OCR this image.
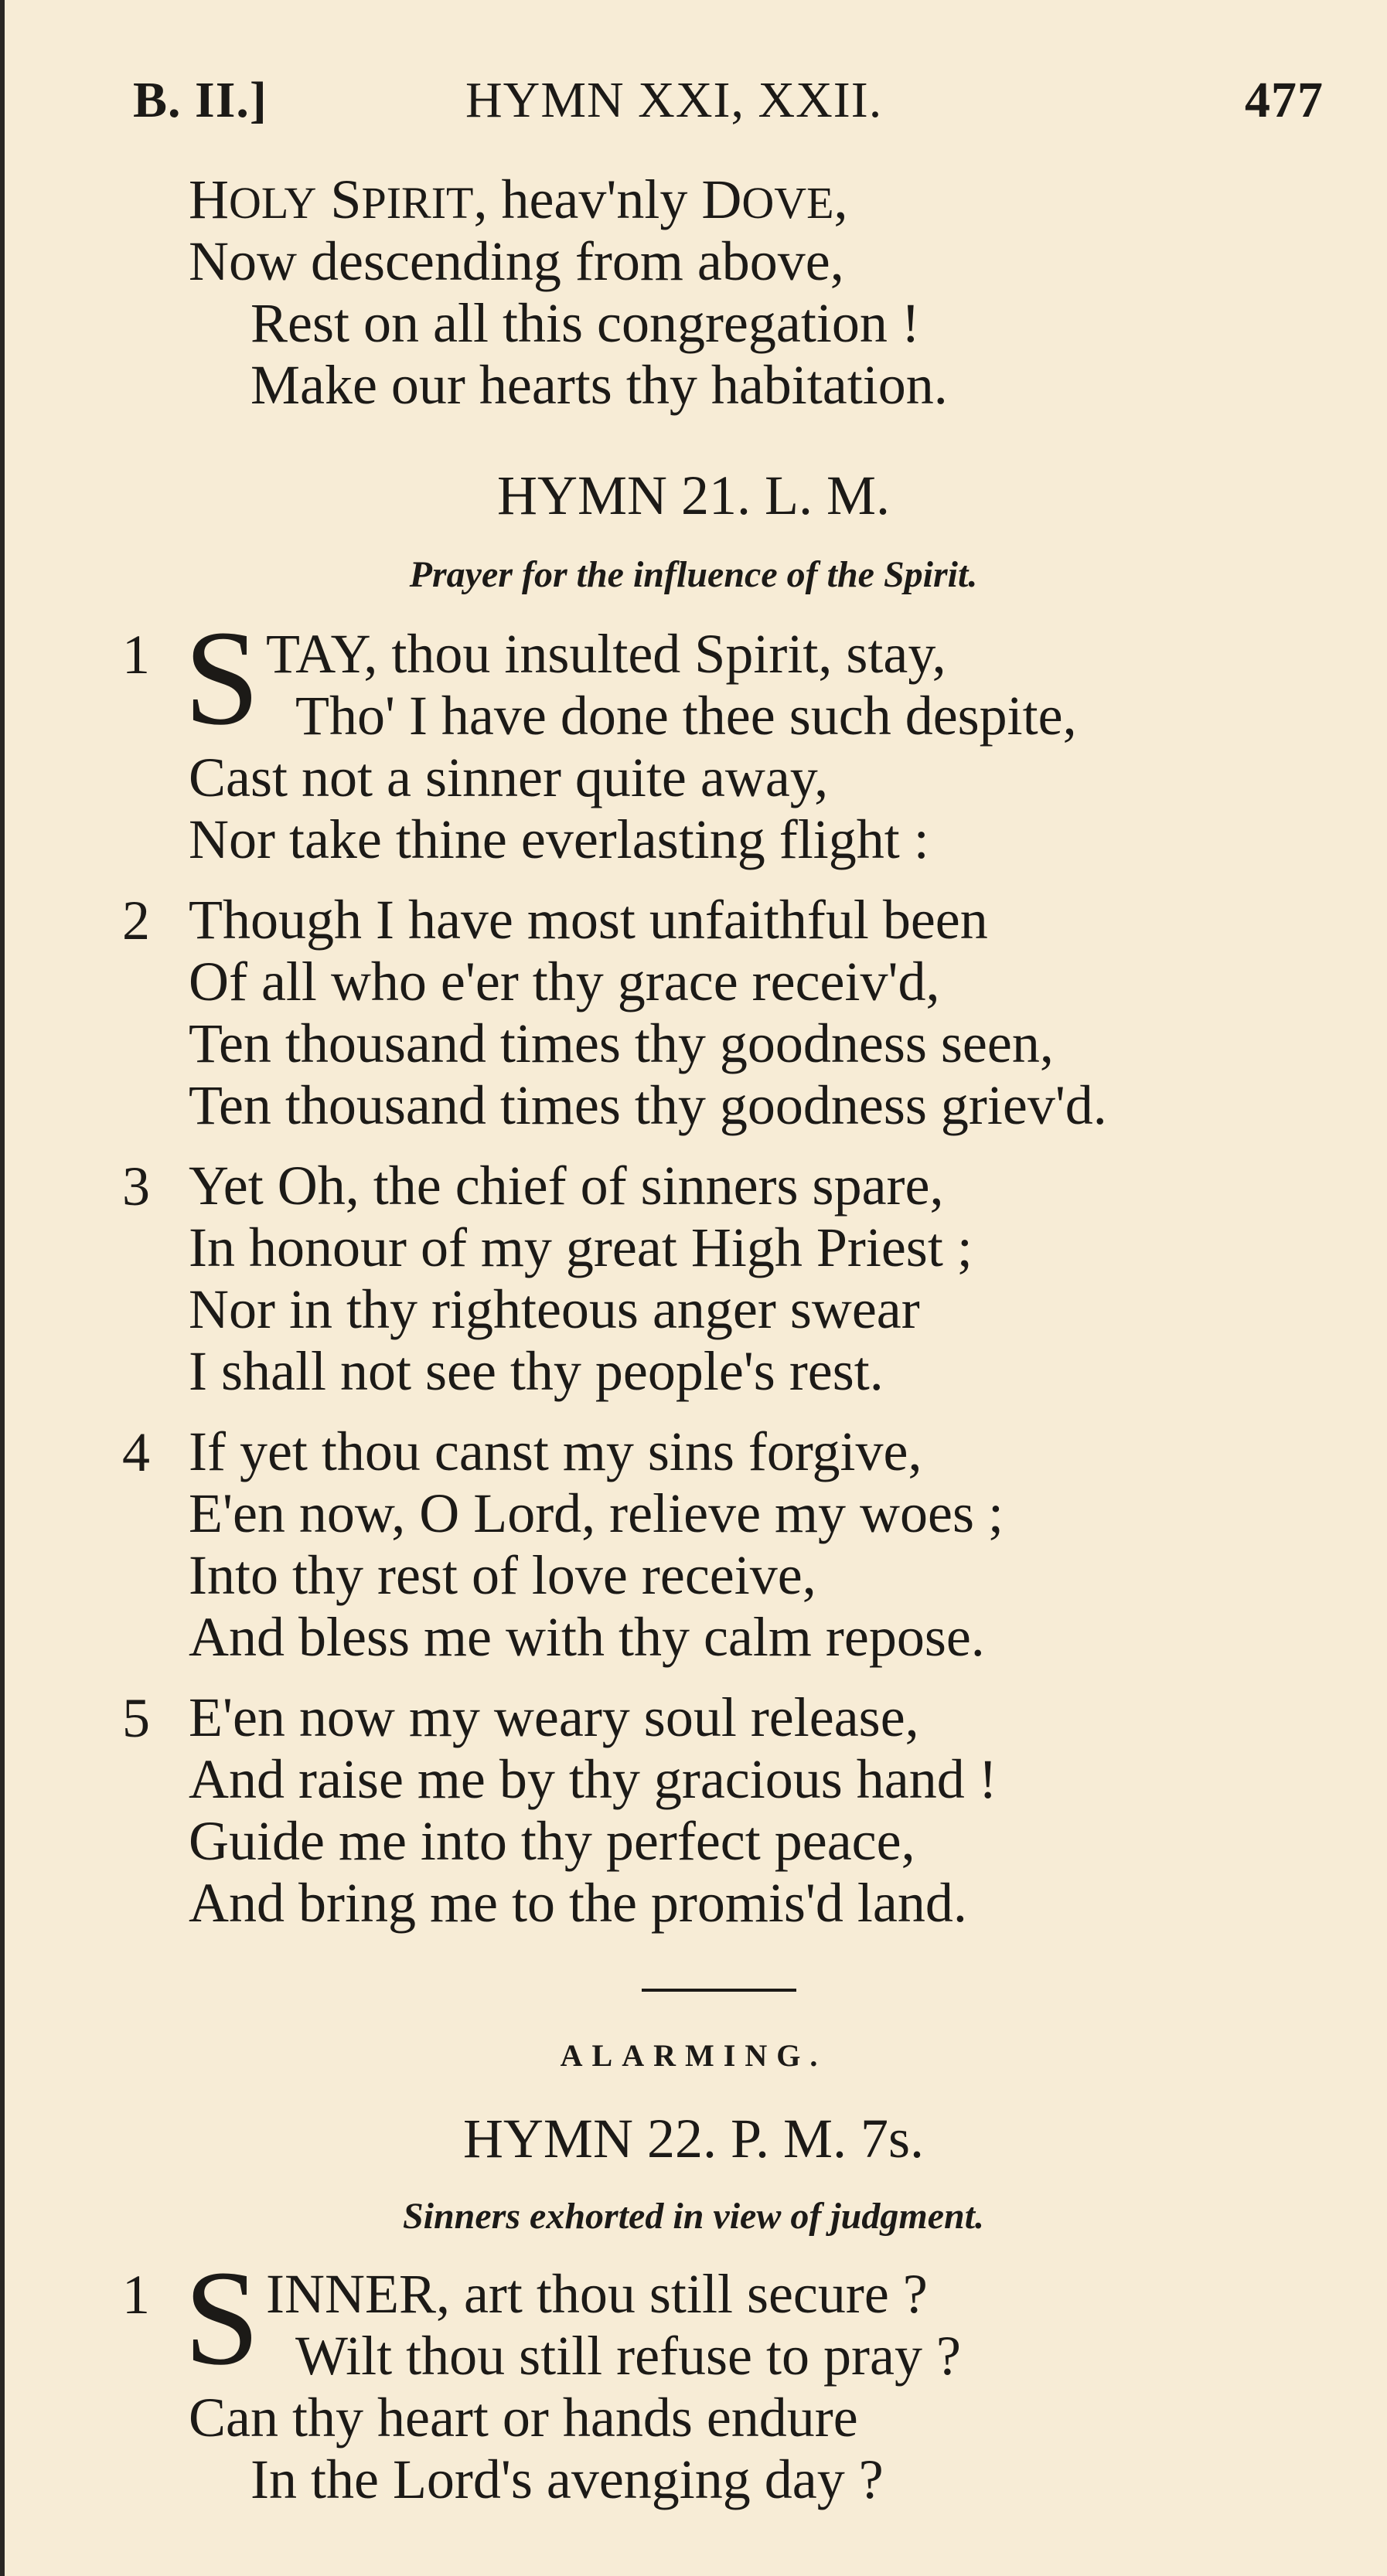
B. II.]	HYMN XXI, XXII.	477
HOLY SPIRIT, heav'nly DOVE,
Now descending from above,
Rest on all this congregation !
Make our hearts thy habitation.
HYMN 21. L. M.
Prayer for the influence of the Spirit.
1 S TAY, thou insulted Spirit, stay,
Tho' I have done thee such despite,
Cast not a sinner quite away,
Nor take thine everlasting flight :
2 Though I have most unfaithful been
Of all who e'er thy grace receiv'd,
Ten thousand times thy goodness seen,
Ten thousand times thy goodness griev'd.
3 Yet Oh, the chief of sinners spare,
In honour of my great High Priest ;
Nor in thy righteous anger swear
I shall not see thy people's rest.
4 If yet thou canst my sins forgive,
E'en now, O Lord, relieve my woes ;
Into thy rest of love receive,
And bless me with thy calm repose.
5 E'en now my weary soul release,
And raise me by thy gracious hand !
Guide me into thy perfect peace,
And bring me to the promis'd land.
ALARMING.
HYMN 22. P. M. 7s.
Sinners exhorted in view of judgment.
1 S INNER, art thou still secure ?
Wilt thou still refuse to pray ?
Can thy heart or hands endure
In the Lord's avenging day ?
